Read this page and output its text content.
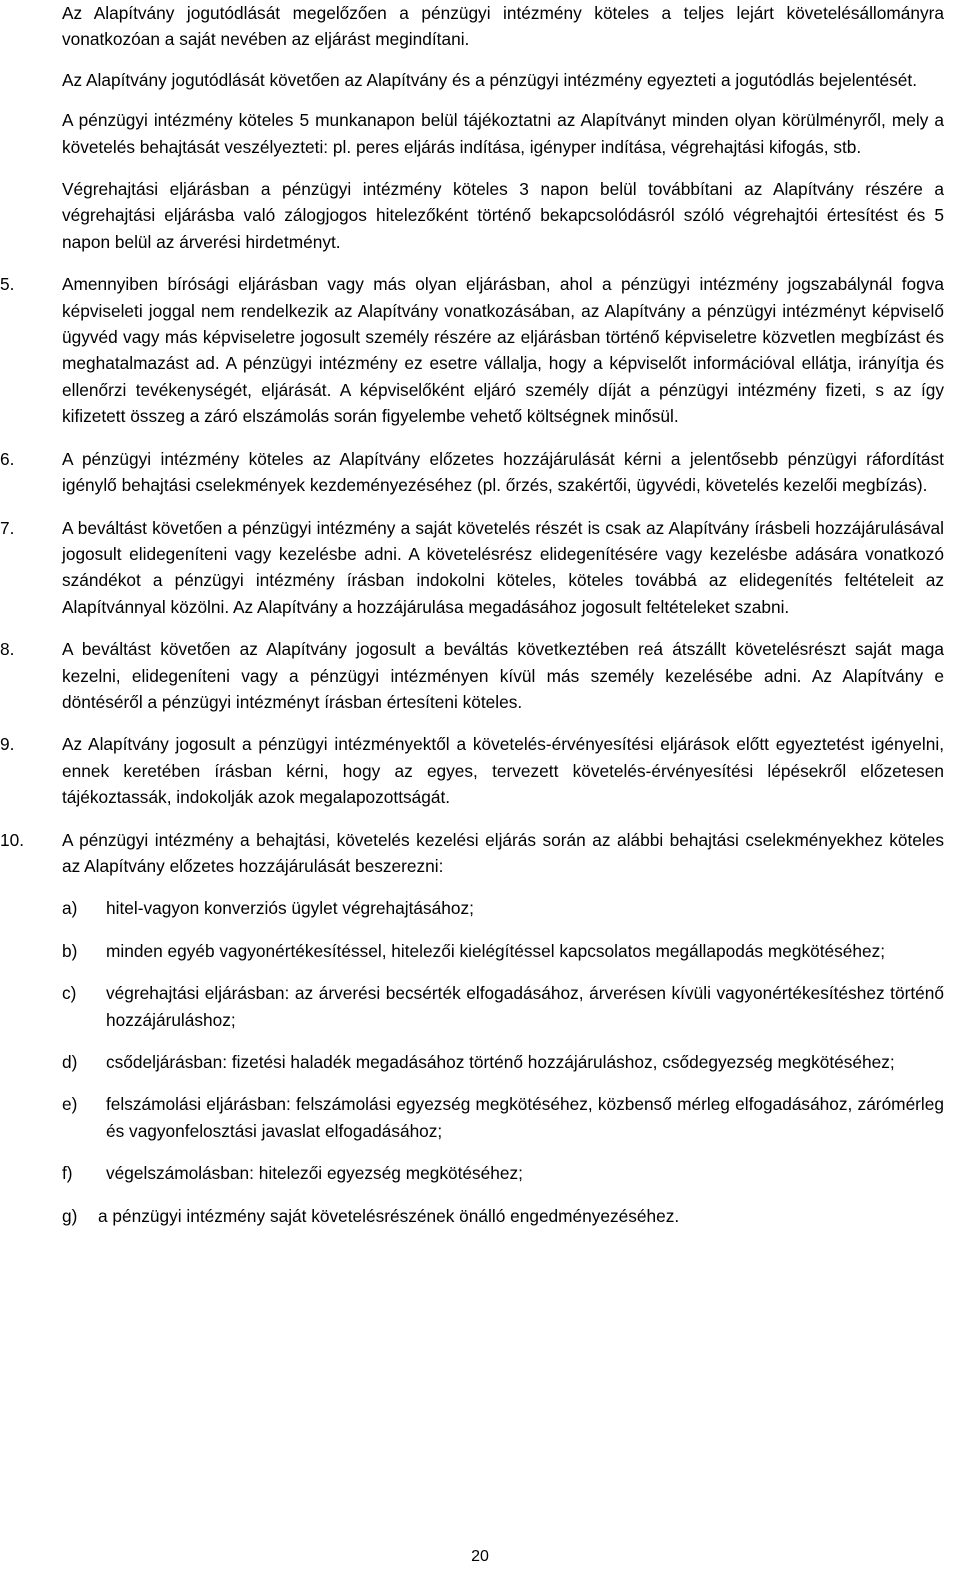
Az Alapítvány jogutódlását megelőzően a pénzügyi intézmény köteles a teljes lejárt követelésállományra vonatkozóan a saját nevében az eljárást megindítani.

Az Alapítvány jogutódlását követően az Alapítvány és a pénzügyi intézmény egyezteti a jogutódlás bejelentését.

A pénzügyi intézmény köteles 5 munkanapon belül tájékoztatni az Alapítványt minden olyan körülményről, mely a követelés behajtását veszélyezteti: pl. peres eljárás indítása, igényper indítása, végrehajtási kifogás, stb.

Végrehajtási eljárásban a pénzügyi intézmény köteles 3 napon belül továbbítani az Alapítvány részére a végrehajtási eljárásba való zálogjogos hitelezőként történő bekapcsolódásról szóló végrehajtói értesítést és 5 napon belül az árverési hirdetményt.

5.	Amennyiben bírósági eljárásban vagy más olyan eljárásban, ahol a pénzügyi intézmény jogszabálynál fogva képviseleti joggal nem rendelkezik az Alapítvány vonatkozásában, az Alapítvány a pénzügyi intézményt képviselő ügyvéd vagy más képviseletre jogosult személy részére az eljárásban történő képviseletre közvetlen megbízást és meghatalmazást ad. A pénzügyi intézmény ez esetre vállalja, hogy a képviselőt információval ellátja, irányítja és ellenőrzi tevékenységét, eljárását. A képviselőként eljáró személy díját a pénzügyi intézmény fizeti, s az így kifizetett összeg a záró elszámolás során figyelembe vehető költségnek minősül.

6.	A pénzügyi intézmény köteles az Alapítvány előzetes hozzájárulását kérni a jelentősebb pénzügyi ráfordítást igénylő behajtási cselekmények kezdeményezéséhez (pl. őrzés, szakértői, ügyvédi, követelés kezelői megbízás).

7.	A beváltást követően a pénzügyi intézmény a saját követelés részét is csak az Alapítvány írásbeli hozzájárulásával jogosult elidegeníteni vagy kezelésbe adni. A követelésrész elidegenítésére vagy kezelésbe adására vonatkozó szándékot a pénzügyi intézmény írásban indokolni köteles, köteles továbbá az elidegenítés feltételeit az Alapítvánnyal közölni. Az Alapítvány a hozzájárulása megadásához jogosult feltételeket szabni.

8.	A beváltást követően az Alapítvány jogosult a beváltás következtében reá átszállt követelésrészt saját maga kezelni, elidegeníteni vagy a pénzügyi intézményen kívül más személy kezelésébe adni. Az Alapítvány e döntéséről a pénzügyi intézményt írásban értesíteni köteles.

9.	Az Alapítvány jogosult a pénzügyi intézményektől a követelés-érvényesítési eljárások előtt egyeztetést igényelni, ennek keretében írásban kérni, hogy az egyes, tervezett követelés-érvényesítési lépésekről előzetesen tájékoztassák, indokolják azok megalapozottságát.

10.	A pénzügyi intézmény a behajtási, követelés kezelési eljárás során az alábbi behajtási cselekményekhez köteles az Alapítvány előzetes hozzájárulását beszerezni:

a) hitel-vagyon konverziós ügylet végrehajtásához;

b) minden egyéb vagyonértékesítéssel, hitelezői kielégítéssel kapcsolatos megállapodás megkötéséhez;

c) végrehajtási eljárásban: az árverési becsérték elfogadásához, árverésen kívüli vagyonértékesítéshez történő hozzájáruláshoz;

d) csődeljárásban: fizetési haladék megadásához történő hozzájáruláshoz, csődegyezség megkötéséhez;

e) felszámolási eljárásban: felszámolási egyezség megkötéséhez, közbenső mérleg elfogadásához, zárómérleg és vagyonfelosztási javaslat elfogadásához;

f) végelszámolásban: hitelezői egyezség megkötéséhez;

g) a pénzügyi intézmény saját követelésrészének önálló engedményezéséhez.

20
